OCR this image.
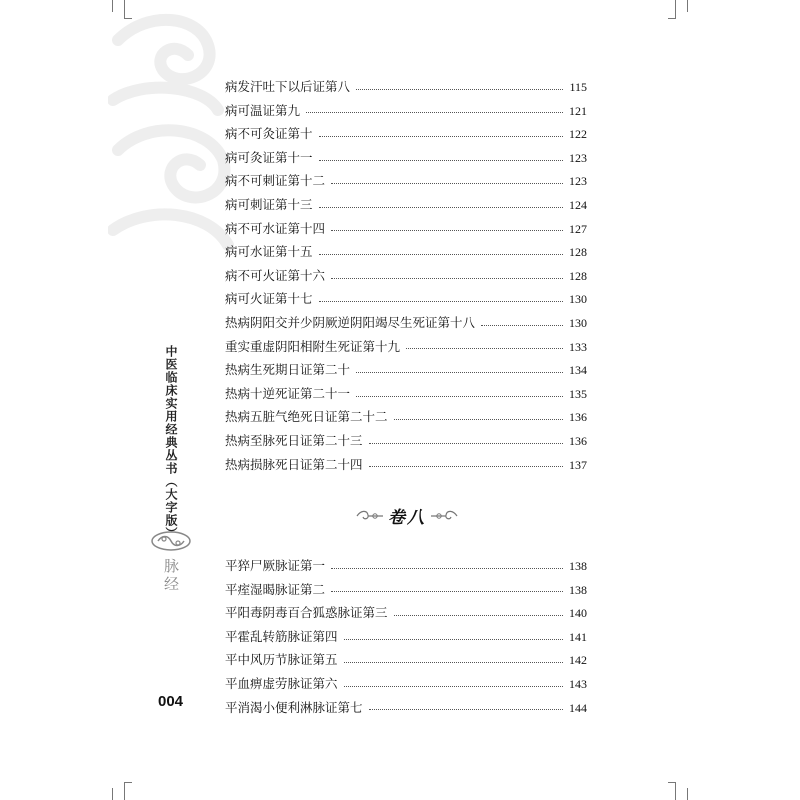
中医临床实用经典丛书（大字版）
脉经
004
病发汗吐下以后证第八	115
病可温证第九	121
病不可灸证第十	122
病可灸证第十一	123
病不可刺证第十二	123
病可刺证第十三	124
病不可水证第十四	127
病可水证第十五	128
病不可火证第十六	128
病可火证第十七	130
热病阴阳交并少阴厥逆阴阳竭尽生死证第十八	130
重实重虚阴阳相附生死证第十九	133
热病生死期日证第二十	134
热病十逆死证第二十一	135
热病五脏气绝死日证第二十二	136
热病至脉死日证第二十三	136
热病损脉死日证第二十四	137
卷八
平猝尸厥脉证第一	138
平痓湿暍脉证第二	138
平阳毒阴毒百合狐惑脉证第三	140
平霍乱转筋脉证第四	141
平中风历节脉证第五	142
平血痹虚劳脉证第六	143
平消渴小便利淋脉证第七	144
